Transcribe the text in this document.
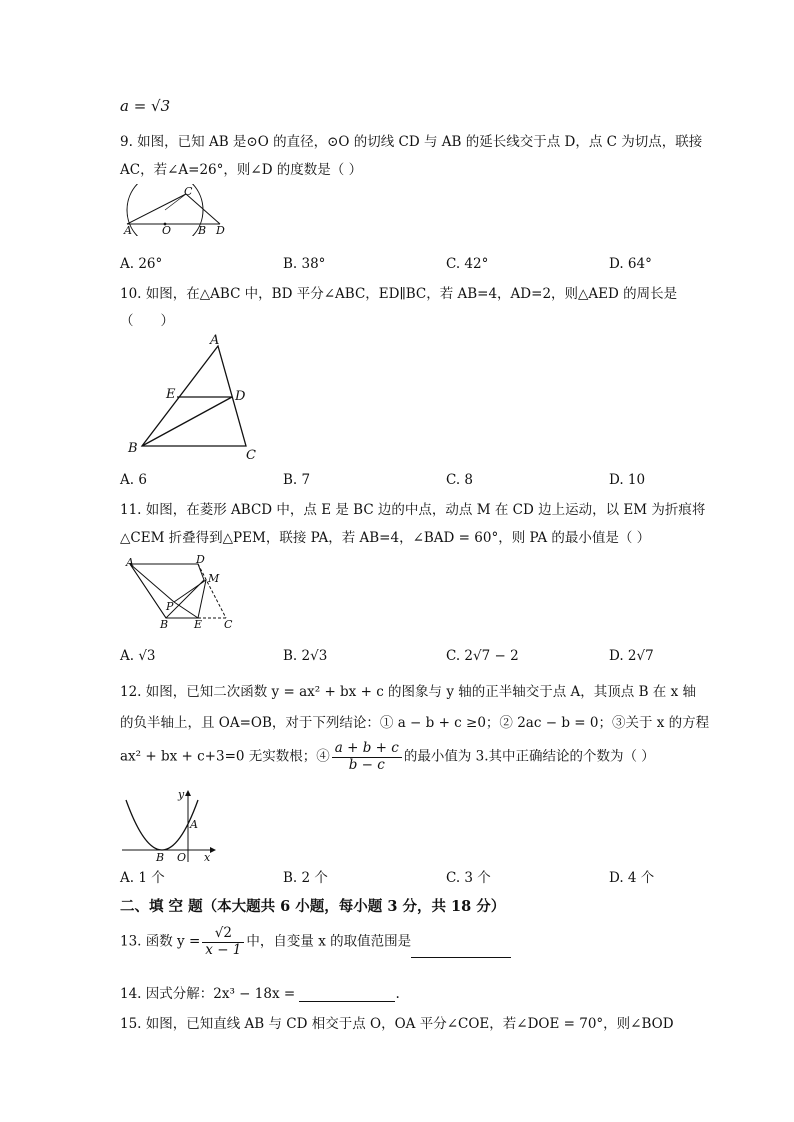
a = √3
9. 如图，已知 AB 是⊙O 的直径，⊙O 的切线 CD 与 AB 的延长线交于点 D，点 C 为切点，联接
AC，若∠A=26°，则∠D 的度数是（ ）
A	O B D
C
A. 26°	B. 38°	C. 42°	D. 64°
10. 如图，在△ABC 中，BD 平分∠ABC，ED∥BC，若 AB=4，AD=2，则△AED 的周长是
（　　）
A
E	D
B	C
A. 6	B. 7	C. 8	D. 10
11. 如图，在菱形 ABCD 中，点 E 是 BC 边的中点，动点 M 在 CD 边上运动，以 EM 为折痕将
△CEM 折叠得到△PEM，联接 PA，若 AB=4，∠BAD = 60°，则 PA 的最小值是（ ）
A	D
M
P
B E C
A. √3	B. 2√3	C. 2√7 − 2	D. 2√7
12. 如图，已知二次函数 y = ax² + bx + c 的图象与 y 轴的正半轴交于点 A，其顶点 B 在 x 轴
的负半轴上，且 OA=OB，对于下列结论：① a − b + c ≥0；② 2ac − b = 0；③关于 x 的方程
ax² + bx + c+3=0 无实数根；④ $\frac{a + b + c}{b - c}$ 的最小值为 3.其中正确结论的个数为（ ）
y
A
B O x
A. 1 个	B. 2 个	C. 3 个	D. 4 个
二、填 空 题（本大题共 6 小题，每小题 3 分，共 18 分）
13. 函数 $y = \frac{√2}{x - 1}$ 中，自变量 x 的取值范围是
14. 因式分解：2x³ − 18x =	.
15. 如图，已知直线 AB 与 CD 相交于点 O，OA 平分∠COE，若∠DOE = 70°，则∠BOD
